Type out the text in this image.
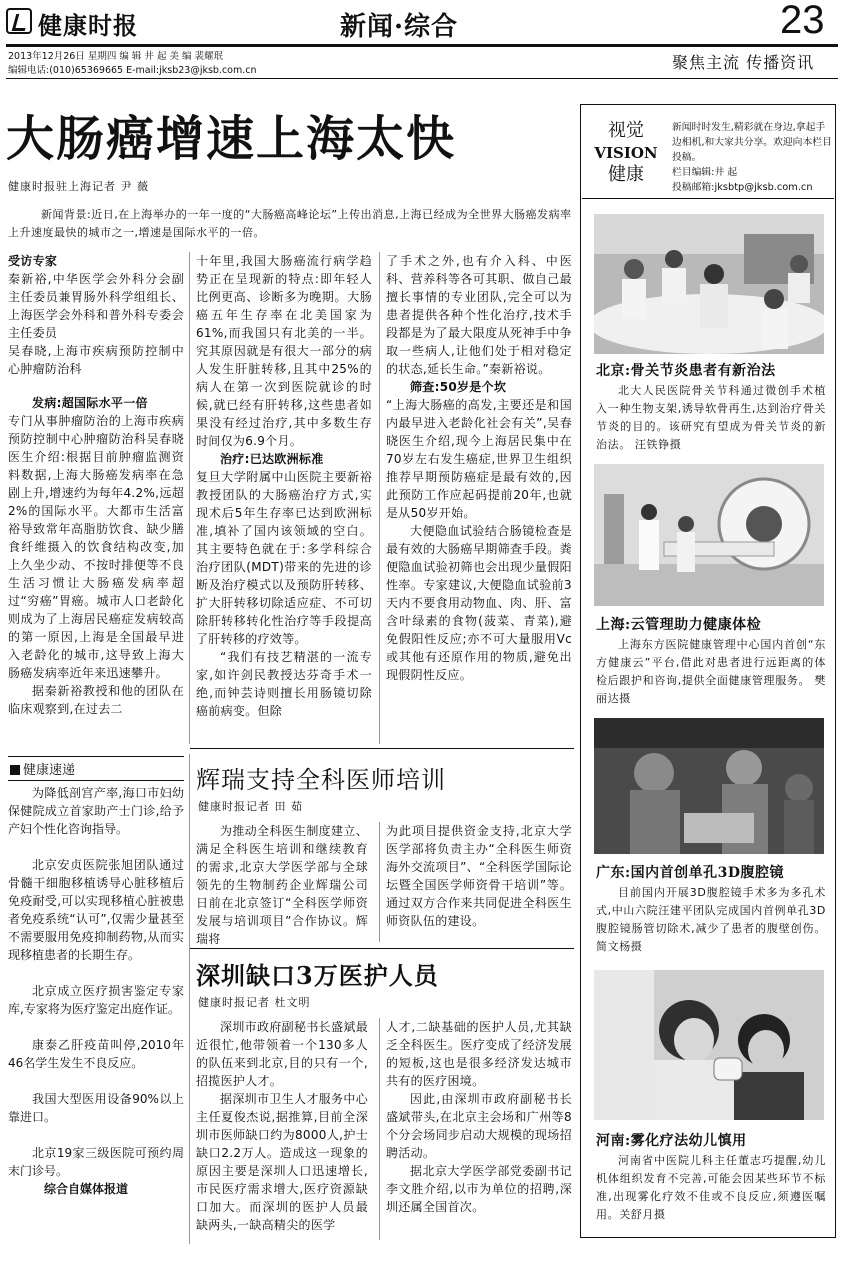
健康时报	新闻·综合	23
2013年12月26日 星期四 编 辑 井 起 美 编 裴耀珉
编辑电话:(010)65369665 E-mail:jksb23@jksb.com.cn	聚焦主流 传播资讯
大肠癌增速上海太快
健康时报驻上海记者 尹 薇

新闻背景:近日,在上海举办的一年一度的“大肠癌高峰论坛”上传出消息,上海已经成为全世界大肠癌发病率上升速度最快的城市之一,增速是国际水平的一倍。

受访专家

秦新裕,中华医学会外科分会副主任委员兼胃肠外科学组组长、上海医学会外科和普外科专委会主任委员

吴春晓,上海市疾病预防控制中心肿瘤防治科

发病:超国际水平一倍

专门从事肿瘤防治的上海市疾病预防控制中心肿瘤防治科吴春晓医生介绍:根据目前肿瘤监测资料数据,上海大肠癌发病率在急剧上升,增速约为每年4.2%,远超2%的国际水平。大都市生活富裕导致常年高脂肪饮食、缺少膳食纤维摄入的饮食结构改变,加上久坐少动、不按时排便等不良生活习惯让大肠癌发病率超过“穷癌”胃癌。城市人口老龄化则成为了上海居民癌症发病较高的第一原因,上海是全国最早进入老龄化的城市,这导致上海大肠癌发病率近年来迅速攀升。

据秦新裕教授和他的团队在临床观察到,在过去二

十年里,我国大肠癌流行病学趋势正在呈现新的特点:即年轻人比例更高、诊断多为晚期。大肠癌五年生存率在北美国家为61%,而我国只有北美的一半。究其原因就是有很大一部分的病人发生肝脏转移,且其中25%的病人在第一次到医院就诊的时候,就已经有肝转移,这些患者如果没有经过治疗,其中多数生存时间仅为6.9个月。

治疗:已达欧洲标准

复旦大学附属中山医院主要新裕教授团队的大肠癌治疗方式,实现术后5年生存率已达到欧洲标准,填补了国内该领域的空白。其主要特色就在于:多学科综合治疗团队(MDT)带来的先进的诊断及治疗模式以及预防肝转移、扩大肝转移切除适应症、不可切除肝转移转化性治疗等手段提高了肝转移的疗效等。

“我们有技艺精湛的一流专家,如许剑民教授达芬奇手术一绝,而钟芸诗则擅长用肠镜切除癌前病变。但除

了手术之外,也有介入科、中医科、营养科等各可其职、做自己最擅长事情的专业团队,完全可以为患者提供各种个性化治疗,技术手段都是为了最大限度从死神手中争取一些病人,让他们处于相对稳定的状态,延长生命。”秦新裕说。

筛查:50岁是个坎

“上海大肠癌的高发,主要还是和国内最早进入老龄化社会有关”,吴春晓医生介绍,现今上海居民集中在70岁左右发生癌症,世界卫生组织推荐早期预防癌症是最有效的,因此预防工作应起码提前20年,也就是从50岁开始。

大便隐血试验结合肠镜检查是最有效的大肠癌早期筛查手段。粪便隐血试验初筛也会出现少量假阳性率。专家建议,大便隐血试验前3天内不要食用动物血、肉、肝、富含叶绿素的食物(菠菜、青菜),避免假阳性反应;亦不可大量服用Vc或其他有还原作用的物质,避免出现假阴性反应。

健康速递

为降低剖宫产率,海口市妇幼保健院成立首家助产士门诊,给予产妇个性化咨询指导。

北京安贞医院张旭团队通过骨髓干细胞移植诱导心脏移植后免疫耐受,可以实现移植心脏被患者免疫系统“认可”,仅需少量甚至不需要服用免疫抑制药物,从而实现移植患者的长期生存。

北京成立医疗损害鉴定专家库,专家将为医疗鉴定出庭作证。

康泰乙肝疫苗叫停,2010年46名学生发生不良反应。

我国大型医用设备90%以上靠进口。

北京19家三级医院可预约周末门诊号。

综合自媒体报道

辉瑞支持全科医师培训
健康时报记者 田 茹

为推动全科医生制度建立、满足全科医生培训和继续教育的需求,北京大学医学部与全球领先的生物制药企业辉瑞公司日前在北京签订“全科医学师资发展与培训项目”合作协议。辉瑞将

为此项目提供资金支持,北京大学医学部将负责主办“全科医生师资海外交流项目”、“全科医学国际论坛暨全国医学师资骨干培训”等。通过双方合作来共同促进全科医生师资队伍的建设。

深圳缺口3万医护人员
健康时报记者 杜文明

深圳市政府副秘书长盛斌最近很忙,他带领着一个130多人的队伍来到北京,目的只有一个,招揽医护人才。

据深圳市卫生人才服务中心主任夏俊杰说,据推算,目前全深圳市医师缺口约为8000人,护士缺口2.2万人。造成这一现象的原因主要是深圳人口迅速增长,市民医疗需求增大,医疗资源缺口加大。而深圳的医护人员最缺两头,一缺高精尖的医学

人才,二缺基础的医护人员,尤其缺乏全科医生。医疗变成了经济发展的短板,这也是很多经济发达城市共有的医疗困境。

因此,由深圳市政府副秘书长盛斌带头,在北京主会场和广州等8个分会场同步启动大规模的现场招聘活动。

据北京大学医学部党委副书记李文胜介绍,以市为单位的招聘,深圳还属全国首次。

视觉
VISION
健康
新闻时时发生,精彩就在身边,拿起手边相机,和大家共分享。欢迎向本栏目投稿。
栏目编辑:井 起
投稿邮箱:jksbtp@jksb.com.cn
北京:骨关节炎患者有新治法
北大人民医院骨关节科通过微创手术植入一种生物支架,诱导软骨再生,达到治疗骨关节炎的目的。该研究有望成为骨关节炎的新治法。 汪铁铮摄
上海:云管理助力健康体检
上海东方医院健康管理中心国内首创“东方健康云”平台,借此对患者进行远距离的体检后跟护和咨询,提供全面健康管理服务。 樊丽达摄
广东:国内首创单孔3D腹腔镜
目前国内开展3D腹腔镜手术多为多孔术式,中山六院汪建平团队完成国内首例单孔3D腹腔镜肠管切除术,减少了患者的腹壁创伤。 简文杨摄
河南:雾化疗法幼儿慎用
河南省中医院儿科主任董志巧提醒,幼儿机体组织发育不完善,可能会因某些环节不标准,出现雾化疗效不佳或不良反应,须遵医嘱用。关舒月摄
